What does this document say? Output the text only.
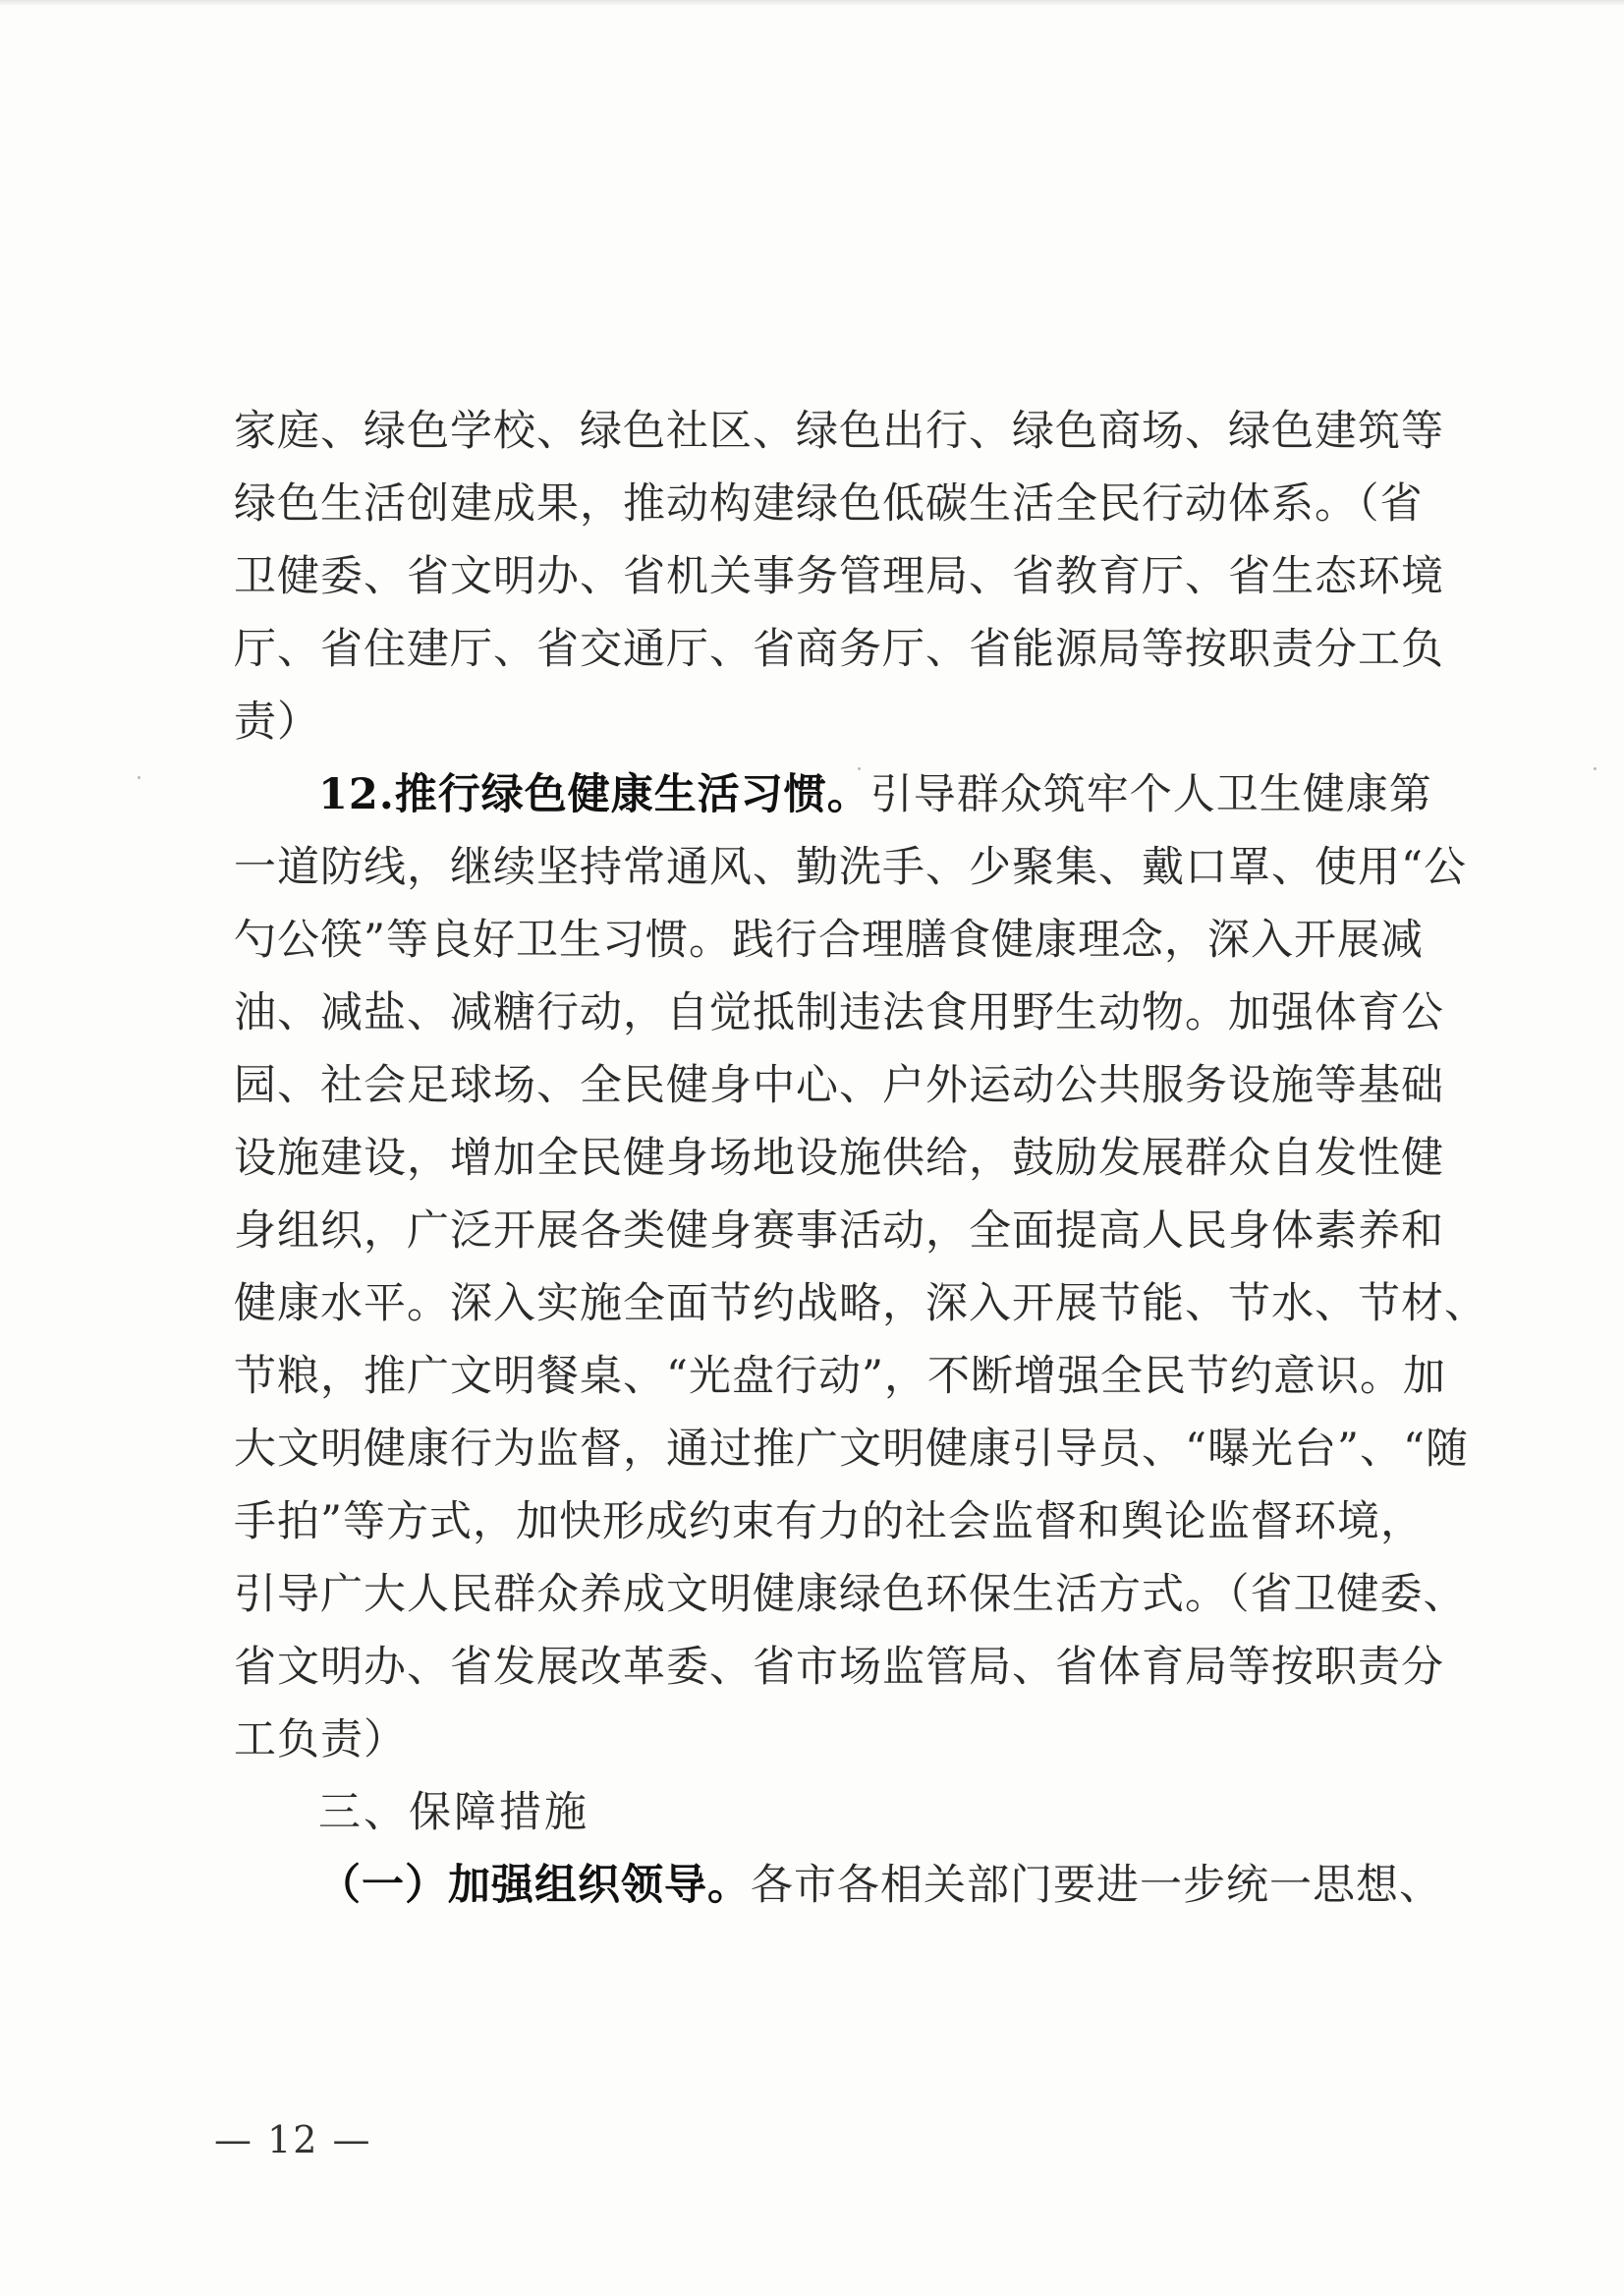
家庭、绿色学校、绿色社区、绿色出行、绿色商场、绿色建筑等
绿色生活创建成果，推动构建绿色低碳生活全民行动体系。（省
卫健委、省文明办、省机关事务管理局、省教育厅、省生态环境
厅、省住建厅、省交通厅、省商务厅、省能源局等按职责分工负
责）
12.推行绿色健康生活习惯。引导群众筑牢个人卫生健康第
一道防线，继续坚持常通风、勤洗手、少聚集、戴口罩、使用“公
勺公筷”等良好卫生习惯。践行合理膳食健康理念，深入开展减
油、减盐、减糖行动，自觉抵制违法食用野生动物。加强体育公
园、社会足球场、全民健身中心、户外运动公共服务设施等基础
设施建设，增加全民健身场地设施供给，鼓励发展群众自发性健
身组织，广泛开展各类健身赛事活动，全面提高人民身体素养和
健康水平。深入实施全面节约战略，深入开展节能、节水、节材、
节粮，推广文明餐桌、“光盘行动”，不断增强全民节约意识。加
大文明健康行为监督，通过推广文明健康引导员、“曝光台”、“随
手拍”等方式，加快形成约束有力的社会监督和舆论监督环境，
引导广大人民群众养成文明健康绿色环保生活方式。（省卫健委、
省文明办、省发展改革委、省市场监管局、省体育局等按职责分
工负责）
三、保障措施
（一）加强组织领导。各市各相关部门要进一步统一思想、
— 12 —
